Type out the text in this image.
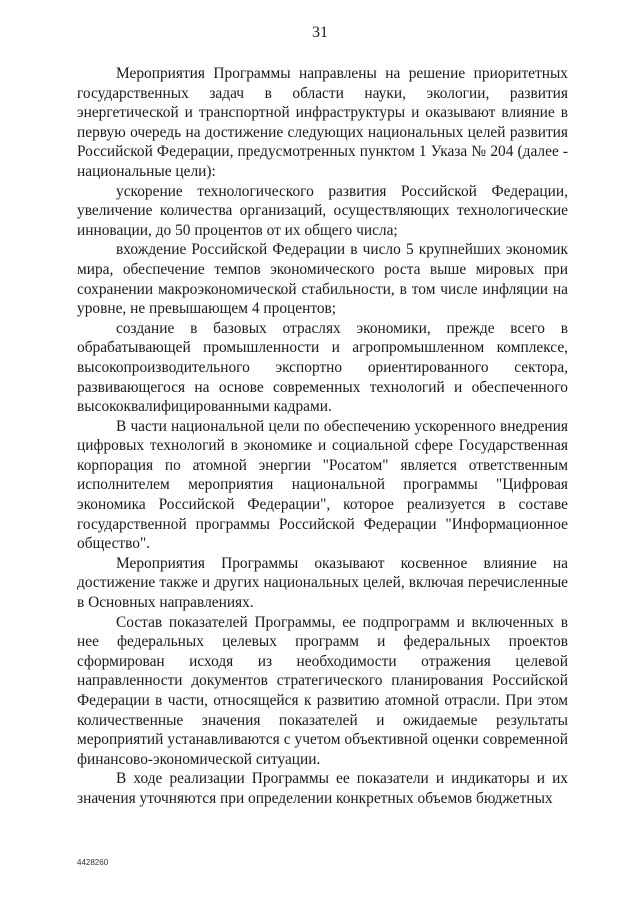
31

Мероприятия Программы направлены на решение приоритетных государственных задач в области науки, экологии, развития энергетической и транспортной инфраструктуры и оказывают влияние в первую очередь на достижение следующих национальных целей развития Российской Федерации, предусмотренных пунктом 1 Указа № 204 (далее - национальные цели):

ускорение технологического развития Российской Федерации, увеличение количества организаций, осуществляющих технологические инновации, до 50 процентов от их общего числа;

вхождение Российской Федерации в число 5 крупнейших экономик мира, обеспечение темпов экономического роста выше мировых при сохранении макроэкономической стабильности, в том числе инфляции на уровне, не превышающем 4 процентов;

создание в базовых отраслях экономики, прежде всего в обрабатывающей промышленности и агропромышленном комплексе, высокопроизводительного экспортно ориентированного сектора, развивающегося на основе современных технологий и обеспеченного высококвалифицированными кадрами.

В части национальной цели по обеспечению ускоренного внедрения цифровых технологий в экономике и социальной сфере Государственная корпорация по атомной энергии "Росатом" является ответственным исполнителем мероприятия национальной программы "Цифровая экономика Российской Федерации", которое реализуется в составе государственной программы Российской Федерации "Информационное общество".

Мероприятия Программы оказывают косвенное влияние на достижение также и других национальных целей, включая перечисленные в Основных направлениях.

Состав показателей Программы, ее подпрограмм и включенных в нее федеральных целевых программ и федеральных проектов сформирован исходя из необходимости отражения целевой направленности документов стратегического планирования Российской Федерации в части, относящейся к развитию атомной отрасли. При этом количественные значения показателей и ожидаемые результаты мероприятий устанавливаются с учетом объективной оценки современной финансово-экономической ситуации.

В ходе реализации Программы ее показатели и индикаторы и их значения уточняются при определении конкретных объемов бюджетных

4428260
